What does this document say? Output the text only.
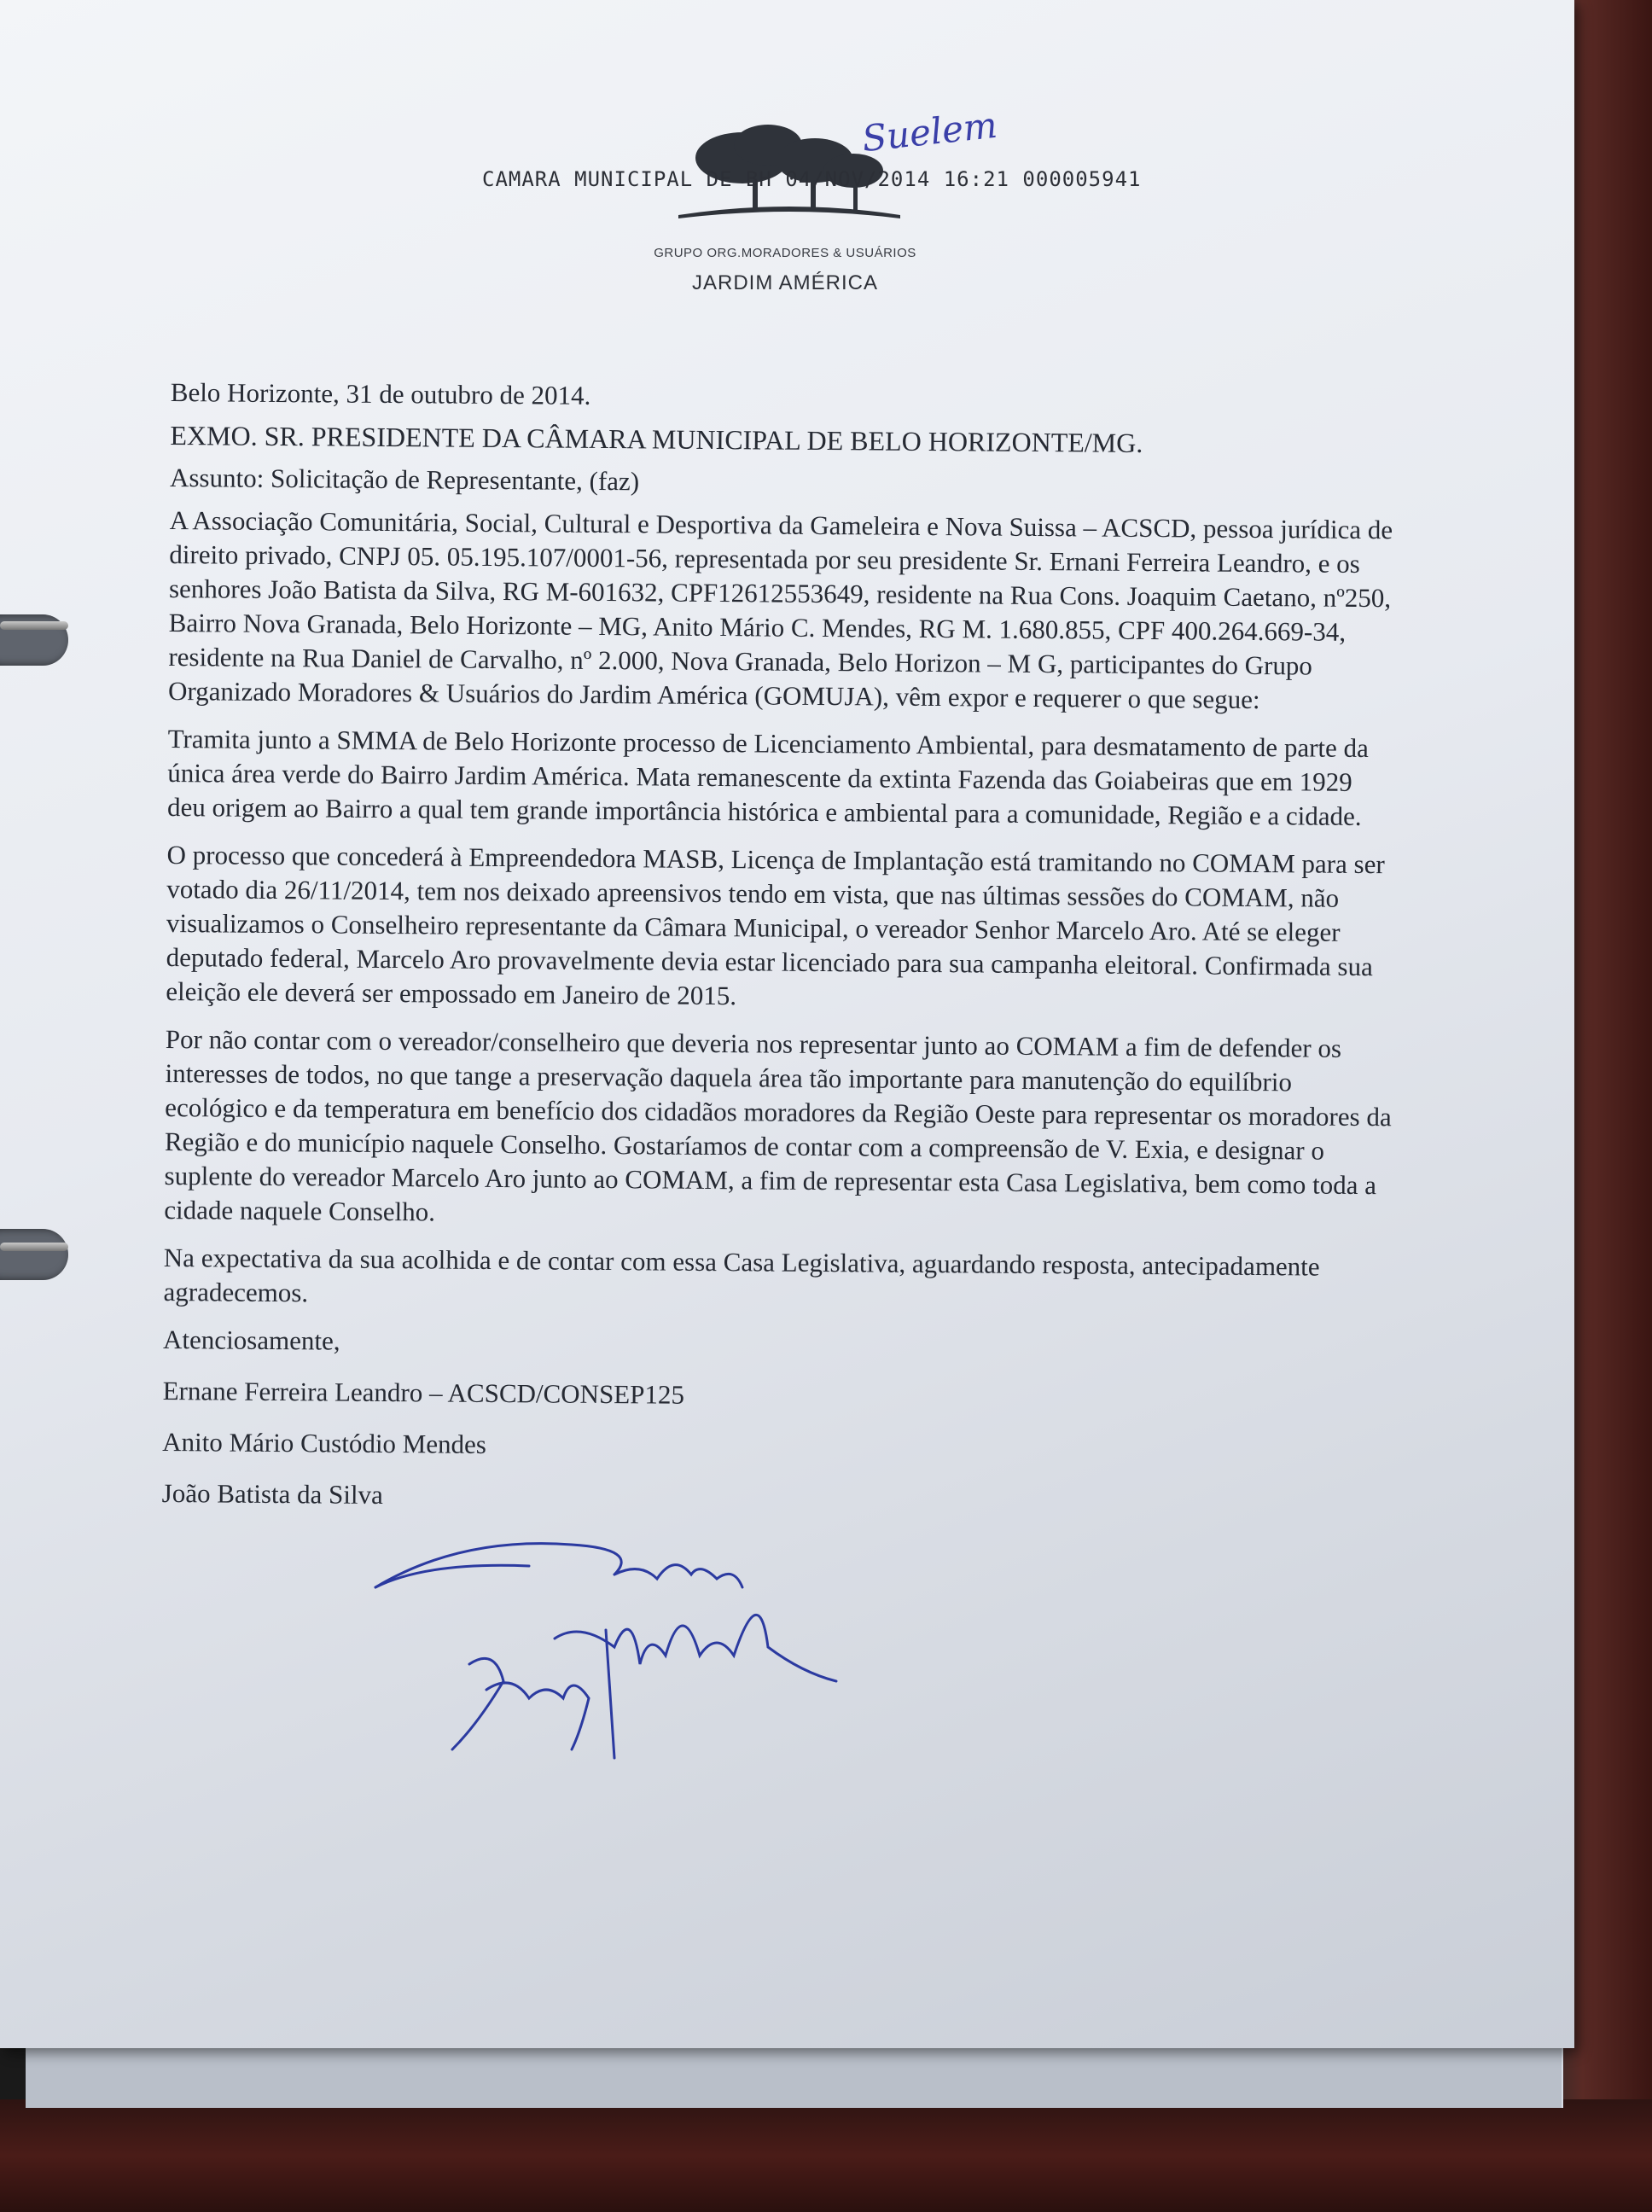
CAMARA MUNICIPAL DE BH 04/NOV/2014 16:21 000005941
Suelem
GRUPO ORG.MORADORES & USUÁRIOS
JARDIM AMÉRICA

Belo Horizonte, 31 de outubro de 2014.

EXMO. SR. PRESIDENTE DA CÂMARA MUNICIPAL DE BELO HORIZONTE/MG.

Assunto: Solicitação de Representante, (faz)

A Associação Comunitária, Social, Cultural e Desportiva da Gameleira e Nova Suissa – ACSCD, pessoa jurídica de direito privado, CNPJ 05. 05.195.107/0001-56, representada por seu presidente Sr. Ernani Ferreira Leandro, e os senhores João Batista da Silva, RG M-601632, CPF12612553649, residente na Rua Cons. Joaquim Caetano, nº250, Bairro Nova Granada, Belo Horizonte – MG, Anito Mário C. Mendes, RG M. 1.680.855, CPF 400.264.669-34, residente na Rua Daniel de Carvalho, nº 2.000, Nova Granada, Belo Horizon – M G, participantes do Grupo Organizado Moradores & Usuários do Jardim América (GOMUJA), vêm expor e requerer o que segue:

Tramita junto a SMMA de Belo Horizonte processo de Licenciamento Ambiental, para desmatamento de parte da única área verde do Bairro Jardim América. Mata remanescente da extinta Fazenda das Goiabeiras que em 1929 deu origem ao Bairro a qual tem grande importância histórica e ambiental para a comunidade, Região e a cidade.

O processo que concederá à Empreendedora MASB, Licença de Implantação está tramitando no COMAM para ser votado dia 26/11/2014, tem nos deixado apreensivos tendo em vista, que nas últimas sessões do COMAM, não visualizamos o Conselheiro representante da Câmara Municipal, o vereador Senhor Marcelo Aro. Até se eleger deputado federal, Marcelo Aro provavelmente devia estar licenciado para sua campanha eleitoral. Confirmada sua eleição ele deverá ser empossado em Janeiro de 2015.

Por não contar com o vereador/conselheiro que deveria nos representar junto ao COMAM a fim de defender os interesses de todos, no que tange a preservação daquela área tão importante para manutenção do equilíbrio ecológico e da temperatura em benefício dos cidadãos moradores da Região Oeste para representar os moradores da Região e do município naquele Conselho. Gostaríamos de contar com a compreensão de V. Exia, e designar o suplente do vereador Marcelo Aro junto ao COMAM, a fim de representar esta Casa Legislativa, bem como toda a cidade naquele Conselho.

Na expectativa da sua acolhida e de contar com essa Casa Legislativa, aguardando resposta, antecipadamente agradecemos.

Atenciosamente,

Ernane Ferreira Leandro – ACSCD/CONSEP125

Anito Mário Custódio Mendes

João Batista da Silva
